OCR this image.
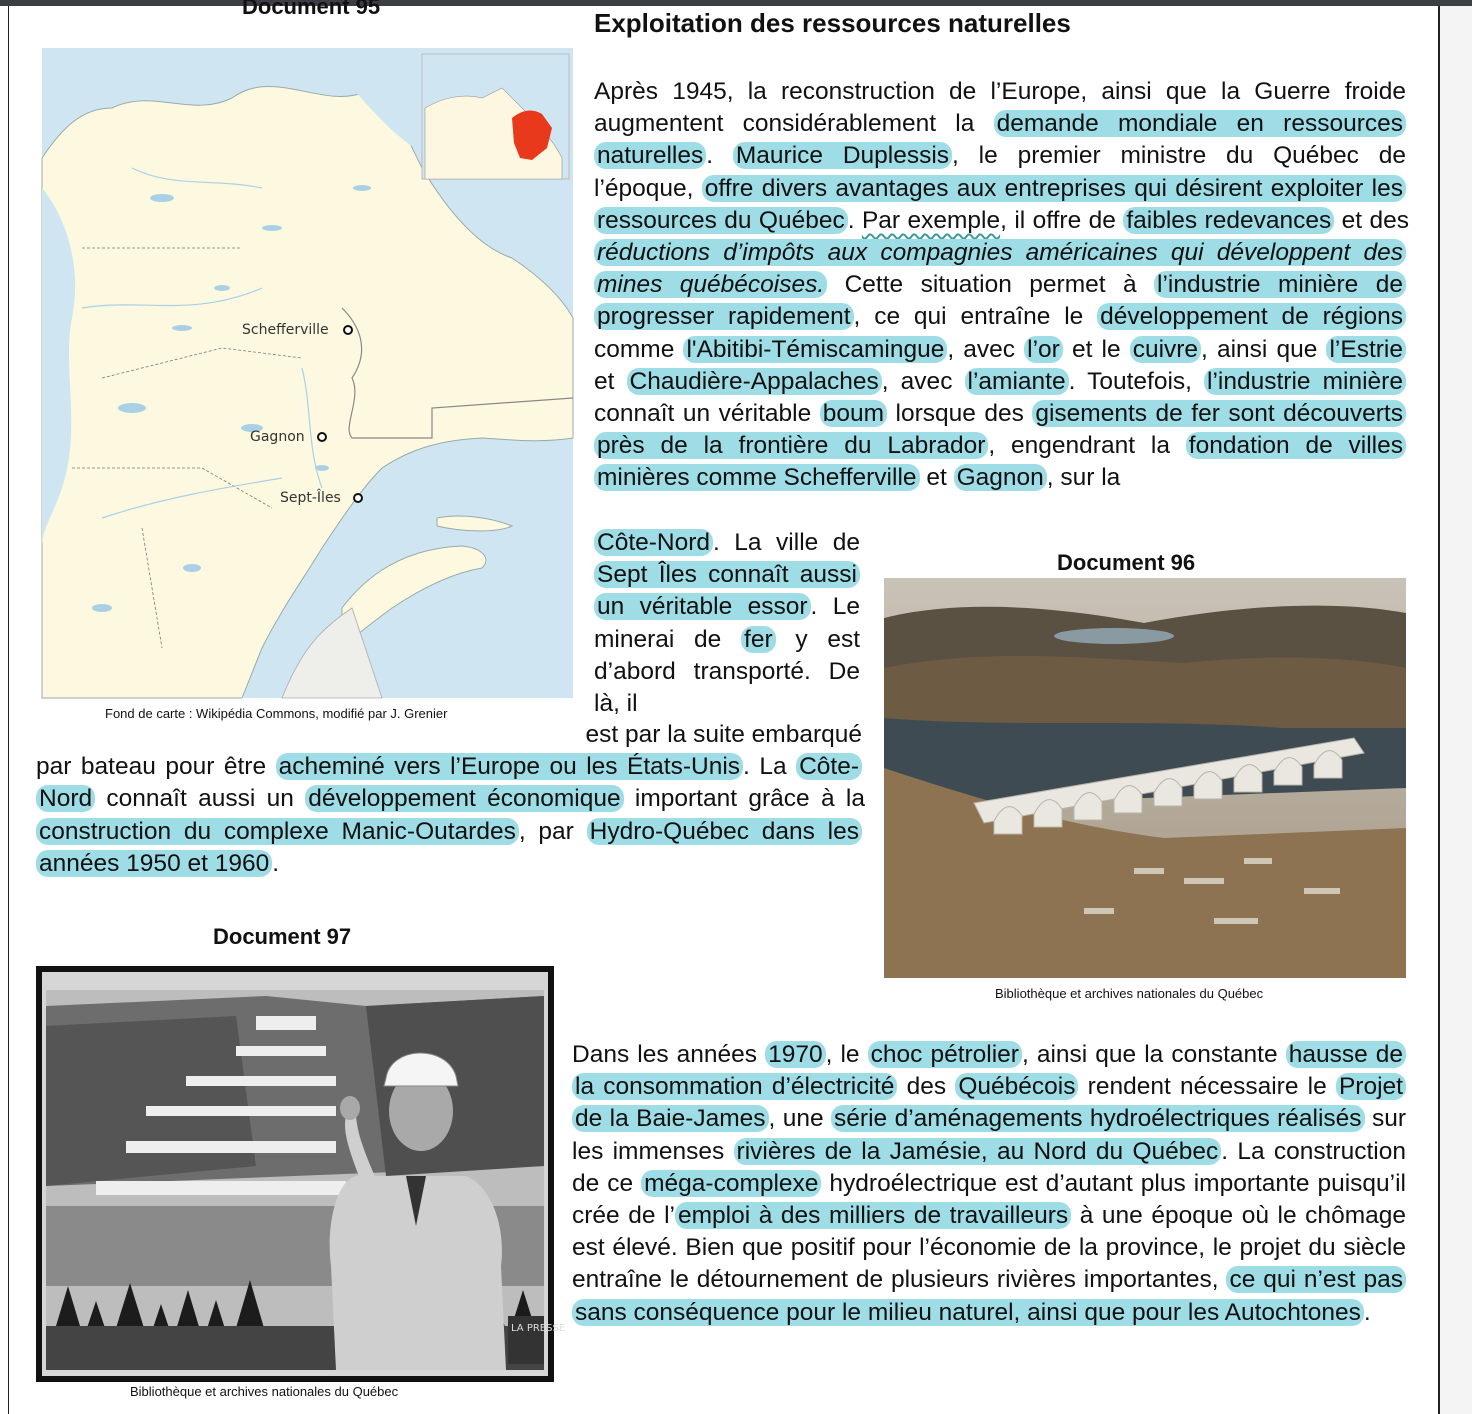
Document 95
Schefferville
Gagnon
Sept-Îles
Fond de carte : Wikipédia Commons, modifié par J. Grenier
Exploitation des ressources naturelles

Après 1945, la reconstruction de l’Europe, ainsi que la Guerre froide augmentent considérablement la demande mondiale en ressources naturelles . Maurice Duplessis , le premier ministre du Québec de l’époque, offre divers avantages aux entreprises qui désirent exploiter les ressources du Québec . Par exemple, il offre de faibles redevances et des réductions d’impôts aux compagnies américaines qui développent des mines québécoises. Cette situation permet à l’industrie minière de progresser rapidement , ce qui entraîne le développement de régions comme l'Abitibi-Témiscamingue , avec l’or et le cuivre , ainsi que l’Estrie et Chaudière-Appalaches , avec l’amiante . Toutefois, l’industrie minière connaît un véritable boum lorsque des gisements de fer sont découverts près de la frontière du Labrador , engendrant la fondation de villes minières comme Schefferville et Gagnon , sur la

Côte-Nord . La ville de Sept Îles connaît aussi un véritable essor . Le minerai de fer y est d’abord transporté. De là, il
est par la suite embarqué
par bateau pour être acheminé vers l’Europe ou les États-Unis . La Côte-Nord connaît aussi un développement économique important grâce à la construction du complexe Manic-Outardes , par Hydro-Québec dans les années 1950 et 1960 .
Document 96
Bibliothèque et archives nationales du Québec
Document 97
LA PRESSE
Bibliothèque et archives nationales du Québec
Dans les années 1970 , le choc pétrolier , ainsi que la constante hausse de la consommation d’électricité des Québécois rendent nécessaire le Projet de la Baie-James , une série d’aménagements hydroélectriques réalisés sur les immenses rivières de la Jamésie, au Nord du Québec . La construction de ce méga-complexe hydroélectrique est d’autant plus importante puisqu’il crée de l’ emploi à des milliers de travailleurs à une époque où le chômage est élevé. Bien que positif pour l’économie de la province, le projet du siècle entraîne le détournement de plusieurs rivières importantes, ce qui n’est pas sans conséquence pour le milieu naturel, ainsi que pour les Autochtones .
